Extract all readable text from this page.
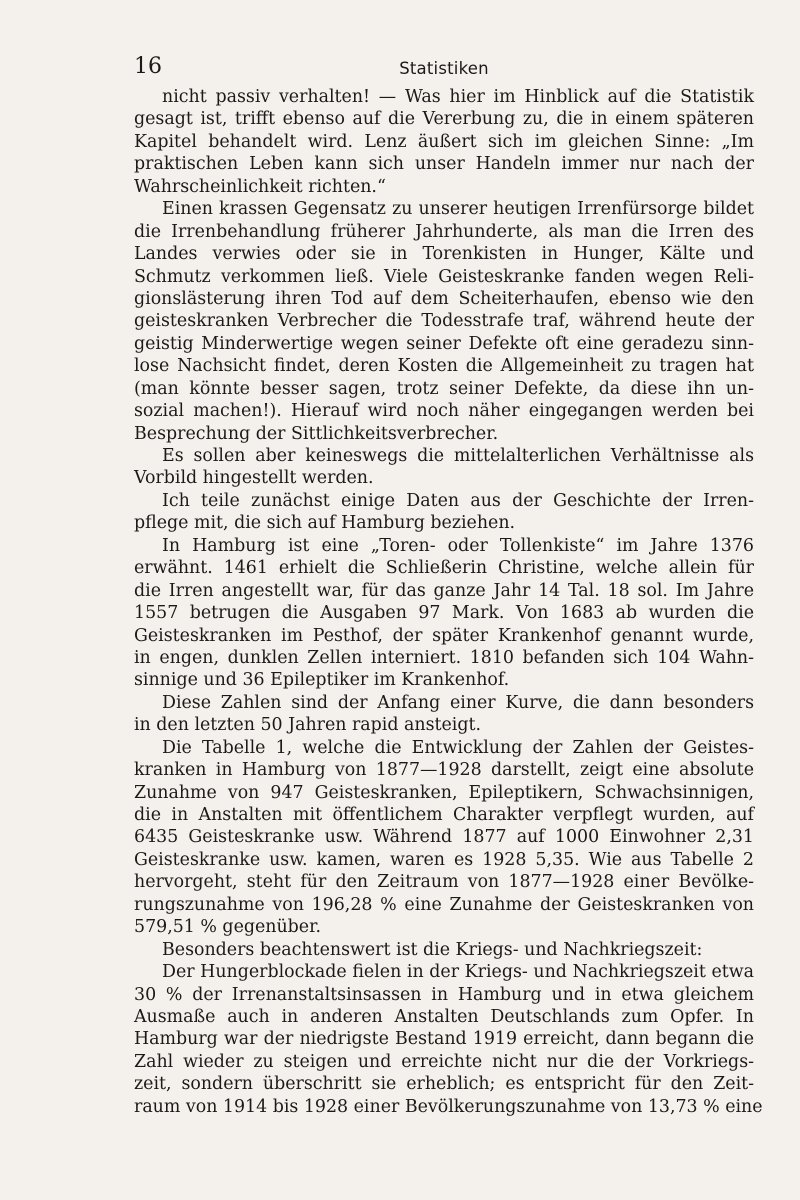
16	Statistiken
nicht passiv verhalten! — Was hier im Hinblick auf die Statistik
gesagt ist, trifft ebenso auf die Vererbung zu, die in einem späteren
Kapitel behandelt wird. Lenz äußert sich im gleichen Sinne: „Im
praktischen Leben kann sich unser Handeln immer nur nach der
Wahrscheinlichkeit richten.“
Einen krassen Gegensatz zu unserer heutigen Irrenfürsorge bildet
die Irrenbehandlung früherer Jahrhunderte, als man die Irren des
Landes verwies oder sie in Torenkisten in Hunger, Kälte und
Schmutz verkommen ließ. Viele Geisteskranke fanden wegen Reli-
gionslästerung ihren Tod auf dem Scheiterhaufen, ebenso wie den
geisteskranken Verbrecher die Todesstrafe traf, während heute der
geistig Minderwertige wegen seiner Defekte oft eine geradezu sinn-
lose Nachsicht findet, deren Kosten die Allgemeinheit zu tragen hat
(man könnte besser sagen, trotz seiner Defekte, da diese ihn un-
sozial machen!). Hierauf wird noch näher eingegangen werden bei
Besprechung der Sittlichkeitsverbrecher.
Es sollen aber keineswegs die mittelalterlichen Verhältnisse als
Vorbild hingestellt werden.
Ich teile zunächst einige Daten aus der Geschichte der Irren-
pflege mit, die sich auf Hamburg beziehen.
In Hamburg ist eine „Toren- oder Tollenkiste“ im Jahre 1376
erwähnt. 1461 erhielt die Schließerin Christine, welche allein für
die Irren angestellt war, für das ganze Jahr 14 Tal. 18 sol. Im Jahre
1557 betrugen die Ausgaben 97 Mark. Von 1683 ab wurden die
Geisteskranken im Pesthof, der später Krankenhof genannt wurde,
in engen, dunklen Zellen interniert. 1810 befanden sich 104 Wahn-
sinnige und 36 Epileptiker im Krankenhof.
Diese Zahlen sind der Anfang einer Kurve, die dann besonders
in den letzten 50 Jahren rapid ansteigt.
Die Tabelle 1, welche die Entwicklung der Zahlen der Geistes-
kranken in Hamburg von 1877—1928 darstellt, zeigt eine absolute
Zunahme von 947 Geisteskranken, Epileptikern, Schwachsinnigen,
die in Anstalten mit öffentlichem Charakter verpflegt wurden, auf
6435 Geisteskranke usw. Während 1877 auf 1000 Einwohner 2,31
Geisteskranke usw. kamen, waren es 1928 5,35. Wie aus Tabelle 2
hervorgeht, steht für den Zeitraum von 1877—1928 einer Bevölke-
rungszunahme von 196,28 % eine Zunahme der Geisteskranken von
579,51 % gegenüber.
Besonders beachtenswert ist die Kriegs- und Nachkriegszeit:
Der Hungerblockade fielen in der Kriegs- und Nachkriegszeit etwa
30 % der Irrenanstaltsinsassen in Hamburg und in etwa gleichem
Ausmaße auch in anderen Anstalten Deutschlands zum Opfer. In
Hamburg war der niedrigste Bestand 1919 erreicht, dann begann die
Zahl wieder zu steigen und erreichte nicht nur die der Vorkriegs-
zeit, sondern überschritt sie erheblich; es entspricht für den Zeit-
raum von 1914 bis 1928 einer Bevölkerungszunahme von 13,73 % eine
